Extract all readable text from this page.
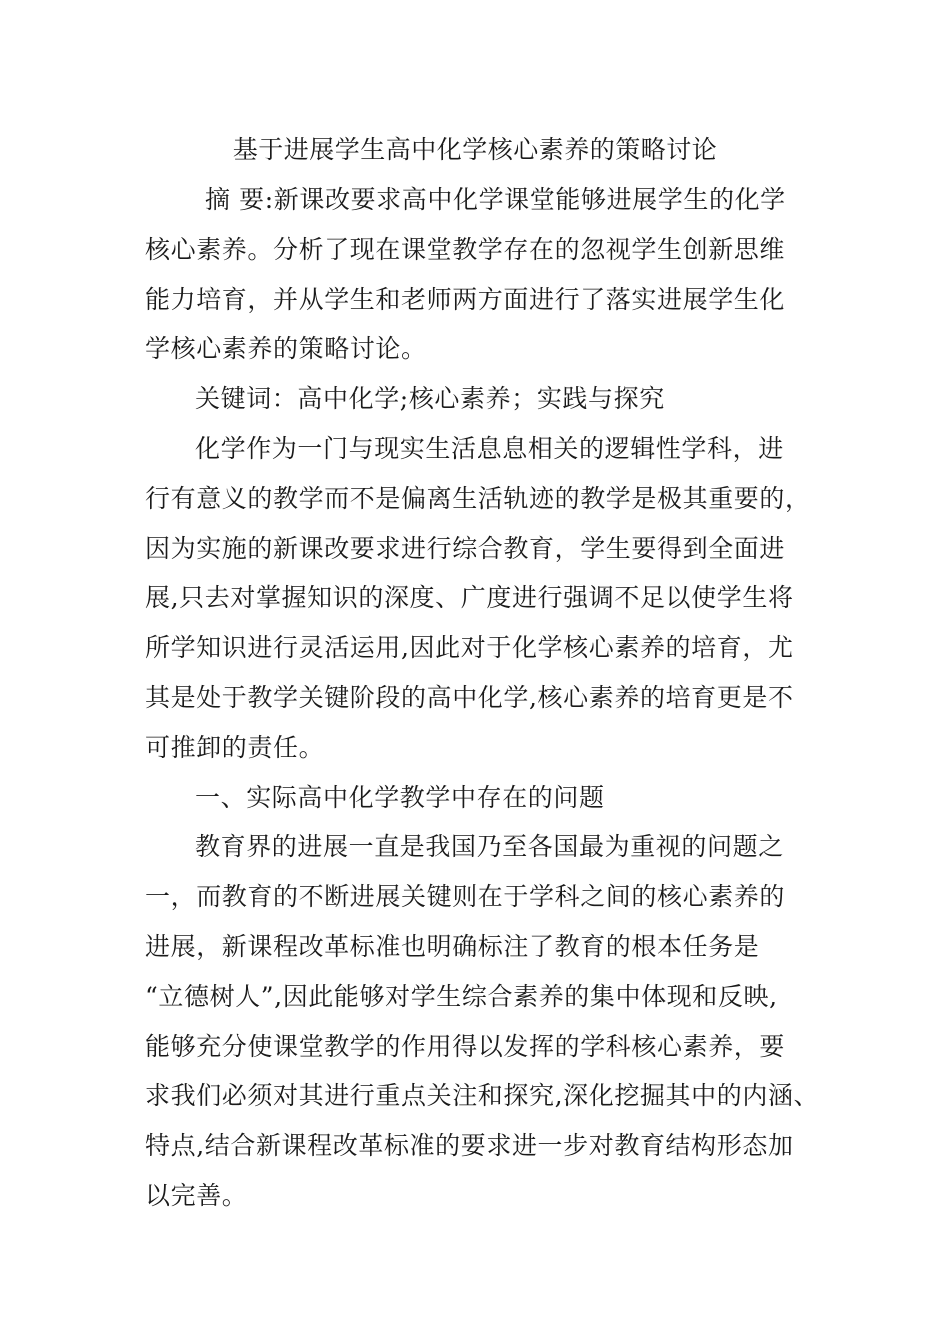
基于进展学生高中化学核心素养的策略讨论
摘 要:新课改要求高中化学课堂能够进展学生的化学
核心素养。分析了现在课堂教学存在的忽视学生创新思维
能力培育，并从学生和老师两方面进行了落实进展学生化
学核心素养的策略讨论。
关键词：高中化学;核心素养；实践与探究
化学作为一门与现实生活息息相关的逻辑性学科，进
行有意义的教学而不是偏离生活轨迹的教学是极其重要的，
因为实施的新课改要求进行综合教育，学生要得到全面进
展,只去对掌握知识的深度、广度进行强调不足以使学生将
所学知识进行灵活运用,因此对于化学核心素养的培育，尤
其是处于教学关键阶段的高中化学,核心素养的培育更是不
可推卸的责任。
一、实际高中化学教学中存在的问题
教育界的进展一直是我国乃至各国最为重视的问题之
一，而教育的不断进展关键则在于学科之间的核心素养的
进展，新课程改革标准也明确标注了教育的根本任务是
“立德树人”,因此能够对学生综合素养的集中体现和反映,
能够充分使课堂教学的作用得以发挥的学科核心素养，要
求我们必须对其进行重点关注和探究,深化挖掘其中的内涵、
特点,结合新课程改革标准的要求进一步对教育结构形态加
以完善。
